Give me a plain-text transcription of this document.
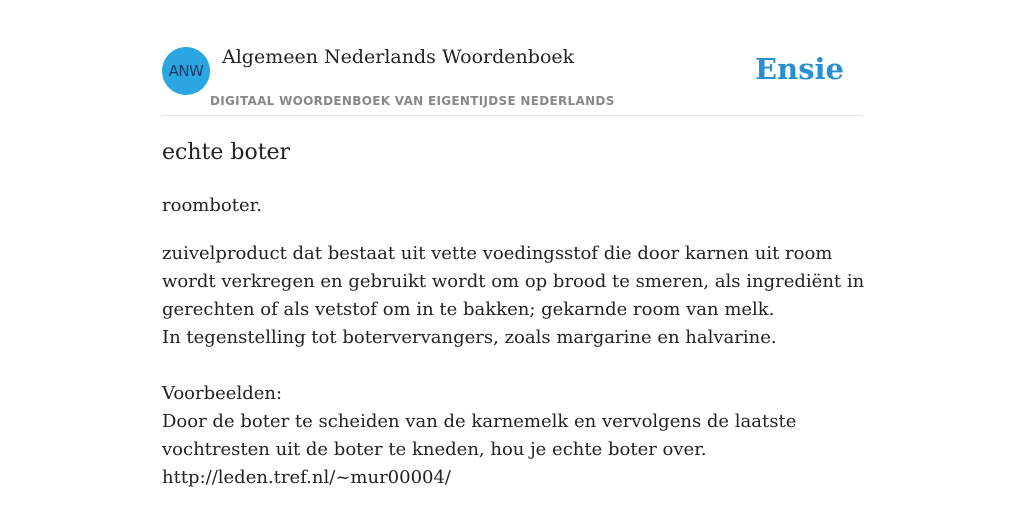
ANW
Algemeen Nederlands Woordenboek
DIGITAAL WOORDENBOEK VAN EIGENTIJDSE NEDERLANDS
Ensie
echte boter
roomboter.

zuivelproduct dat bestaat uit vette voedingsstof die door karnen uit room wordt verkregen en gebruikt wordt om op brood te smeren, als ingrediënt in gerechten of als vetstof om in te bakken; gekarnde room van melk.

In tegenstelling tot botervervangers, zoals margarine en halvarine.

Voorbeelden:

Door de boter te scheiden van de karnemelk en vervolgens de laatste vochtresten uit de boter te kneden, hou je echte boter over.

http://leden.tref.nl/~mur00004/
